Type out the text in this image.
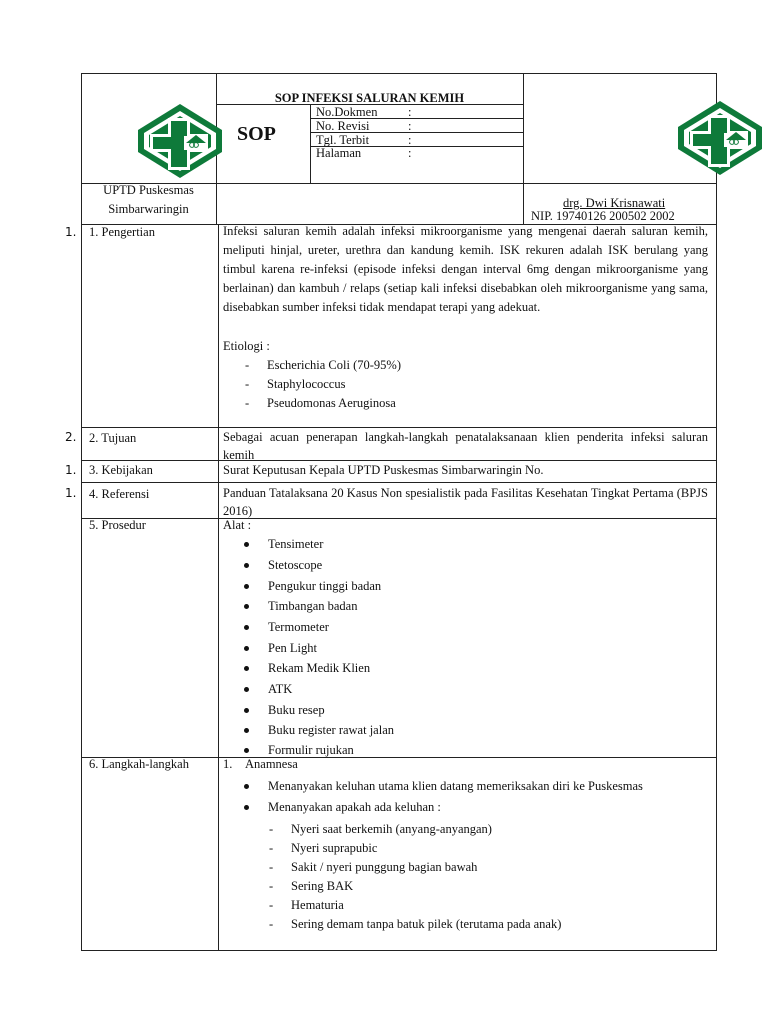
SOP INFEKSI SALURAN KEMIH
SOP
No.Dokmen :
No. Revisi	:
Tgl. Terbit	:
Halaman	:
UPTD Puskesmas
Simbarwaringin	drg. Dwi Krisnawati
NIP. 19740126 200502 2002
1. 1. Pengertian	Infeksi saluran kemih adalah infeksi mikroorganisme yang mengenai daerah saluran kemih, meliputi hinjal, ureter, urethra dan kandung kemih. ISK rekuren adalah ISK berulang yang timbul karena re-infeksi (episode infeksi dengan interval 6mg dengan mikroorganisme yang berlainan) dan kambuh / relaps (setiap kali infeksi disebabkan oleh mikroorganisme yang sama, disebabkan sumber infeksi tidak mendapat terapi yang adekuat.
Etiologi :
- Escherichia Coli (70-95%)
- Staphylococcus
- Pseudomonas Aeruginosa
2. 2. Tujuan	Sebagai acuan penerapan langkah-langkah penatalaksanaan klien penderita infeksi saluran kemih
1. 3. Kebijakan	Surat Keputusan Kepala UPTD Puskesmas Simbarwaringin No.
1. 4. Referensi	Panduan Tatalaksana 20 Kasus Non spesialistik pada Fasilitas Kesehatan Tingkat Pertama (BPJS 2016)
5. Prosedur	Alat :
Tensimeter
Stetoscope
Pengukur tinggi badan
Timbangan badan
Termometer
Pen Light
Rekam Medik Klien
ATK
Buku resep
Buku register rawat jalan
Formulir rujukan
6. Langkah-langkah	1. Anamnesa
Menanyakan keluhan utama klien datang memeriksakan diri ke Puskesmas
Menanyakan apakah ada keluhan :
- Nyeri saat berkemih (anyang-anyangan)
- Nyeri suprapubic
- Sakit / nyeri punggung bagian bawah
- Sering BAK
- Hematuria
- Sering demam tanpa batuk pilek (terutama pada anak)
